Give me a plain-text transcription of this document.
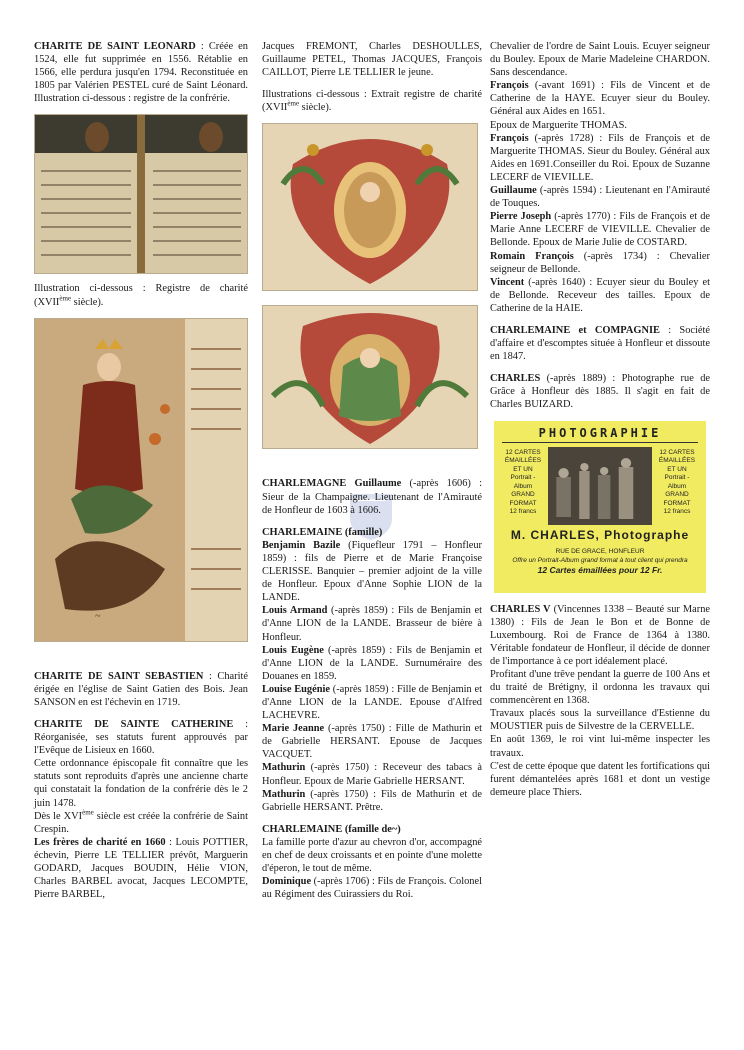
CHARITE DE SAINT LEONARD : Créée en 1524, elle fut supprimée en 1556. Rétablie en 1566, elle perdura jusqu'en 1794. Reconstituée en 1805 par Valérien PESTEL curé de Saint Léonard. Illustration ci-dessous : registre de la confrérie.

Illustration ci-dessous : Registre de charité (XVIIème siècle).

~

CHARITE DE SAINT SEBASTIEN : Charité érigée en l'église de Saint Gatien des Bois. Jean SANSON en est l'échevin en 1719.

CHARITE DE SAINTE CATHERINE : Réorganisée, ses statuts furent approuvés par l'Evêque de Lisieux en 1660.

Cette ordonnance épiscopale fit connaître que les statuts sont reproduits d'après une ancienne charte qui constatait la fondation de la confrérie dès le 2 juin 1478.

Dès le XVIème siècle est créée la confrérie de Saint Crespin.

Les frères de charité en 1660 : Louis POTTIER, échevin, Pierre LE TELLIER prévôt, Marguerin GODARD, Jacques BOUDIN, Hélie VION, Charles BARBEL avocat, Jacques LECOMPTE, Pierre BARBEL,

Jacques FREMONT, Charles DESHOULLES, Guillaume PETEL, Thomas JACQUES, François CAILLOT, Pierre LE TELLIER le jeune.

Illustrations ci-dessous : Extrait registre de charité (XVIIème siècle).

CHARLEMAGNE Guillaume (-après 1606) : Sieur de la Champaigne. Lieutenant de l'Amirauté de Honfleur de 1603 à 1606.

CHARLEMAINE (famille)

Benjamin Bazile (Fiquefleur 1791 – Honfleur 1859) : fils de Pierre et de Marie Françoise CLERISSE. Banquier – premier adjoint de la ville de Honfleur. Epoux d'Anne Sophie LION de la LANDE.

Louis Armand (-après 1859) : Fils de Benjamin et d'Anne LION de la LANDE. Brasseur de bière à Honfleur.

Louis Eugène (-après 1859) : Fils de Benjamin et d'Anne LION de la LANDE. Surnuméraire des Douanes en 1859.

Louise Eugénie (-après 1859) : Fille de Benjamin et d'Anne LION de la LANDE. Epouse d'Alfred LACHEVRE.

Marie Jeanne (-après 1750) : Fille de Mathurin et de Gabrielle HERSANT. Epouse de Jacques VACQUET.

Mathurin (-après 1750) : Receveur des tabacs à Honfleur. Epoux de Marie Gabrielle HERSANT.

Mathurin (-après 1750) : Fils de Mathurin et de Gabrielle HERSANT. Prêtre.

CHARLEMAINE (famille de~)

La famille porte d'azur au chevron d'or, accompagné en chef de deux croissants et en pointe d'une molette d'éperon, le tout de même.

Dominique (-après 1706) : Fils de François. Colonel au Régiment des Cuirassiers du Roi.

Chevalier de l'ordre de Saint Louis. Ecuyer seigneur du Bouley. Epoux de Marie Madeleine CHARDON. Sans descendance.

François (-avant 1691) : Fils de Vincent et de Catherine de la HAYE. Ecuyer sieur du Bouley. Général aux Aides en 1651.

Epoux de Marguerite THOMAS.

François (-après 1728) : Fils de François et de Marguerite THOMAS. Sieur du Bouley. Général aux Aides en 1691.Conseiller du Roi. Epoux de Suzanne LECERF de VIEVILLE.

Guillaume (-après 1594) : Lieutenant en l'Amirauté de Touques.

Pierre Joseph (-après 1770) : Fils de François et de Marie Anne LECERF de VIEVILLE. Chevalier de Bellonde. Epoux de Marie Julie de COSTARD.

Romain François (-après 1734) : Chevalier seigneur de Bellonde.

Vincent (-après 1640) : Ecuyer sieur du Bouley et de Bellonde. Receveur des tailles. Epoux de Catherine de la HAIE.

CHARLEMAINE et COMPAGNIE : Société d'affaire et d'escomptes située à Honfleur et dissoute en 1847.

CHARLES (-après 1889) : Photographe rue de Grâce à Honfleur dès 1885. Il s'agit en fait de Charles BUIZARD.

PHOTOGRAPHIE
12 CARTES
ÉMAILLÉES
ET UN
Portrait - Album
GRAND FORMAT
12 francs
12 CARTES
ÉMAILLÉES
ET UN
Portrait - Album
GRAND FORMAT
12 francs
M. CHARLES, Photographe
RUE DE GRACE, HONFLEUR
Offre un Portrait-Album grand format à tout client qui prendra
12 Cartes émaillées pour 12 Fr.

CHARLES V (Vincennes 1338 – Beauté sur Marne 1380) : Fils de Jean le Bon et de Bonne de Luxembourg. Roi de France de 1364 à 1380. Véritable fondateur de Honfleur, il décide de donner de l'importance à ce port idéalement placé.

Profitant d'une trêve pendant la guerre de 100 Ans et du traité de Brétigny, il ordonna les travaux qui commencèrent en 1368.

Travaux placés sous la surveillance d'Estienne du MOUSTIER puis de Silvestre de la CERVELLE.

En août 1369, le roi vint lui-même inspecter les travaux.

C'est de cette époque que datent les fortifications qui furent démantelées après 1681 et dont un vestige demeure place Thiers.
